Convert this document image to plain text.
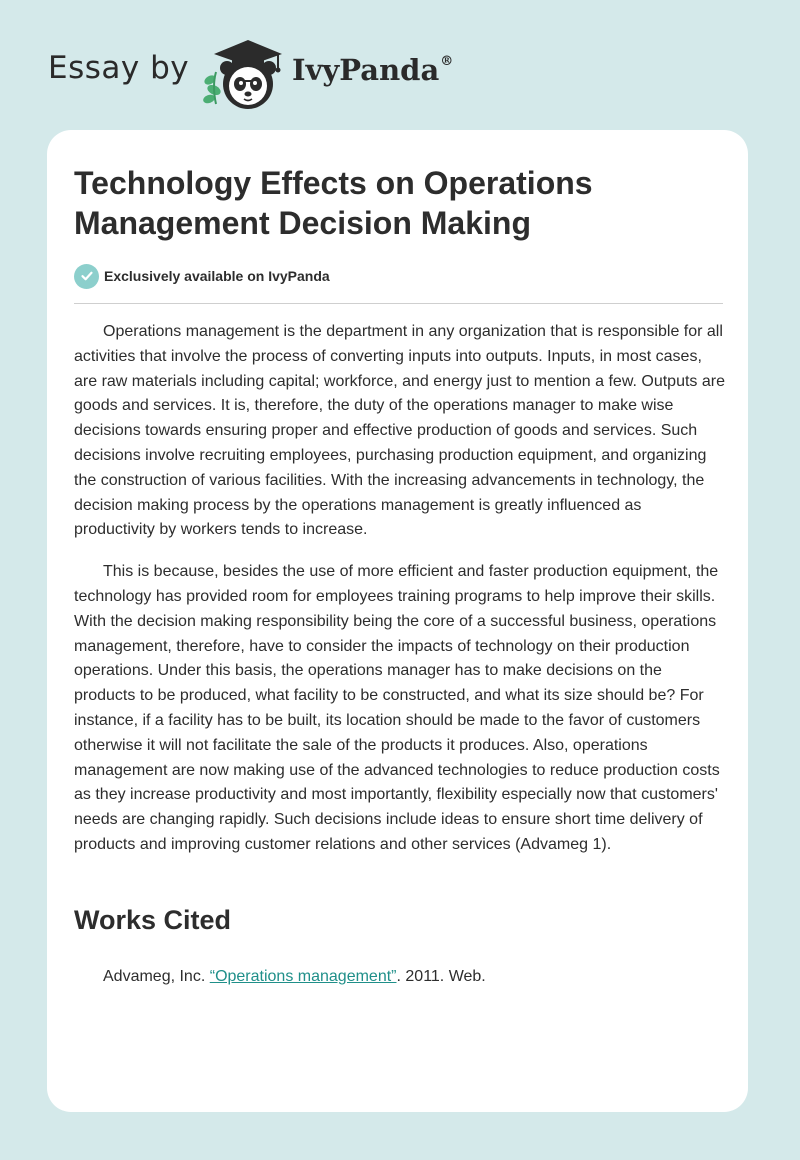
Essay by	IvyPanda®
Technology Effects on Operations Management Decision Making
Exclusively available on IvyPanda

Operations management is the department in any organization that is responsible for all activities that involve the process of converting inputs into outputs. Inputs, in most cases, are raw materials including capital; workforce, and energy just to mention a few. Outputs are goods and services. It is, therefore, the duty of the operations manager to make wise decisions towards ensuring proper and effective production of goods and services. Such decisions involve recruiting employees, purchasing production equipment, and organizing the construction of various facilities. With the increasing advancements in technology, the decision making process by the operations management is greatly influenced as productivity by workers tends to increase.

This is because, besides the use of more efficient and faster production equipment, the technology has provided room for employees training programs to help improve their skills. With the decision making responsibility being the core of a successful business, operations management, therefore, have to consider the impacts of technology on their production operations. Under this basis, the operations manager has to make decisions on the products to be produced, what facility to be constructed, and what its size should be? For instance, if a facility has to be built, its location should be made to the favor of customers otherwise it will not facilitate the sale of the products it produces. Also, operations management are now making use of the advanced technologies to reduce production costs as they increase productivity and most importantly, flexibility especially now that customers' needs are changing rapidly. Such decisions include ideas to ensure short time delivery of products and improving customer relations and other services (Advameg 1).

Works Cited
Advameg, Inc. “Operations management”. 2011. Web.
